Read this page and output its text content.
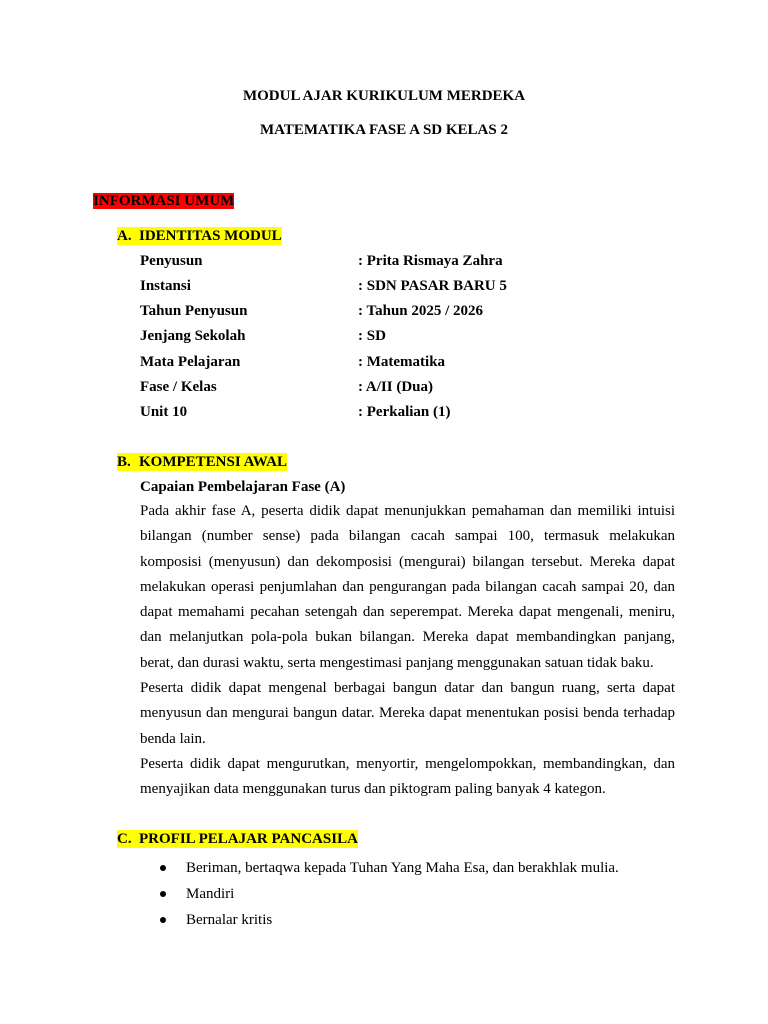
MODUL AJAR KURIKULUM MERDEKA
MATEMATIKA FASE A SD KELAS 2
INFORMASI UMUM
A. IDENTITAS MODUL
Penyusun	: Prita Rismaya Zahra
Instansi	: SDN PASAR BARU 5
Tahun Penyusun	: Tahun 2025 / 2026
Jenjang Sekolah	: SD
Mata Pelajaran	: Matematika
Fase / Kelas	: A/II (Dua)
Unit 10	: Perkalian (1)
B. KOMPETENSI AWAL
Capaian Pembelajaran Fase (A)

Pada akhir fase A, peserta didik dapat menunjukkan pemahaman dan memiliki intuisi bilangan (number sense) pada bilangan cacah sampai 100, termasuk melakukan komposisi (menyusun) dan dekomposisi (mengurai) bilangan tersebut. Mereka dapat melakukan operasi penjumlahan dan pengurangan pada bilangan cacah sampai 20, dan dapat memahami pecahan setengah dan seperempat. Mereka dapat mengenali, meniru, dan melanjutkan pola-pola bukan bilangan. Mereka dapat membandingkan panjang, berat, dan durasi waktu, serta mengestimasi panjang menggunakan satuan tidak baku.

Peserta didik dapat mengenal berbagai bangun datar dan bangun ruang, serta dapat menyusun dan mengurai bangun datar. Mereka dapat menentukan posisi benda terhadap benda lain.

Peserta didik dapat mengurutkan, menyortir, mengelompokkan, membandingkan, dan menyajikan data menggunakan turus dan piktogram paling banyak 4 kategon.

C. PROFIL PELAJAR PANCASILA
Beriman, bertaqwa kepada Tuhan Yang Maha Esa, dan berakhlak mulia.
Mandiri
Bernalar kritis
